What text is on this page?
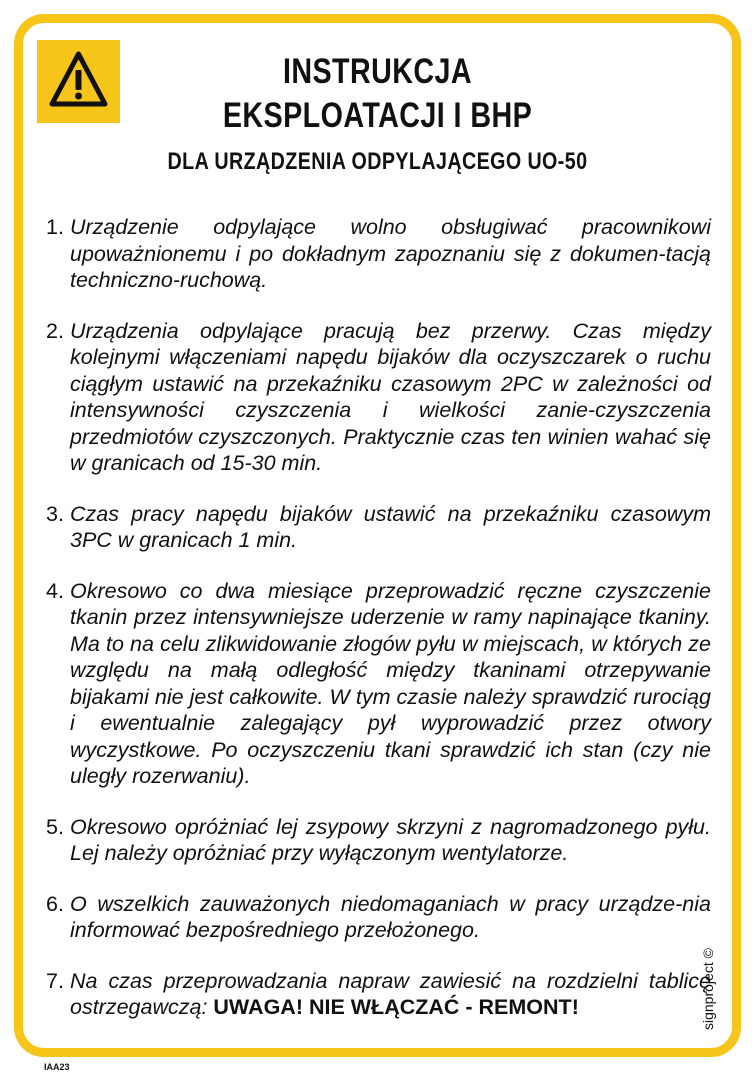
INSTRUKCJA
EKSPLOATACJI I BHP
DLA URZĄDZENIA ODPYLAJĄCEGO UO-50
1. Urządzenie odpylające wolno obsługiwać pracownikowi upoważnionemu i po dokładnym zapoznaniu się z dokumen-tacją techniczno-ruchową.
2. Urządzenia odpylające pracują bez przerwy. Czas między kolejnymi włączeniami napędu bijaków dla oczyszczarek o ruchu ciągłym ustawić na przekaźniku czasowym 2PC w zależności od intensywności czyszczenia i wielkości zanie-czyszczenia przedmiotów czyszczonych. Praktycznie czas ten winien wahać się w granicach od 15-30 min.
3. Czas pracy napędu bijaków ustawić na przekaźniku czasowym 3PC w granicach 1 min.
4. Okresowo co dwa miesiące przeprowadzić ręczne czyszczenie tkanin przez intensywniejsze uderzenie w ramy napinające tkaniny. Ma to na celu zlikwidowanie złogów pyłu w miejscach, w których ze względu na małą odległość między tkaninami otrzepywanie bijakami nie jest całkowite. W tym czasie należy sprawdzić rurociąg i ewentualnie zalegający pył wyprowadzić przez otwory wyczystkowe. Po oczyszczeniu tkani sprawdzić ich stan (czy nie uległy rozerwaniu).
5. Okresowo opróżniać lej zsypowy skrzyni z nagromadzonego pyłu. Lej należy opróżniać przy wyłączonym wentylatorze.
6. O wszelkich zauważonych niedomaganiach w pracy urządze-nia informować bezpośredniego przełożonego.
7. Na czas przeprowadzania napraw zawiesić na rozdzielni tablicę ostrzegawczą: UWAGA! NIE WŁĄCZAĆ - REMONT!	signproject ©
IAA23
